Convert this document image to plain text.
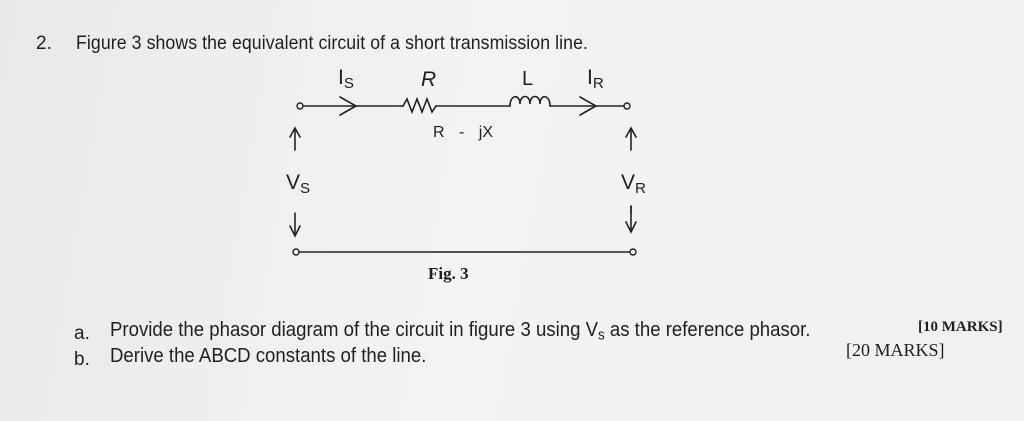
2. Figure 3 shows the equivalent circuit of a short transmission line.
$I_S$	R	L	$I_R$
R - jX
$V_S$	$V_R$
Fig. 3
a. Provide the phasor diagram of the circuit in figure 3 using $V_s$ as the reference phasor.	[10 MARKS]
b. Derive the ABCD constants of the line.	[20 MARKS]
